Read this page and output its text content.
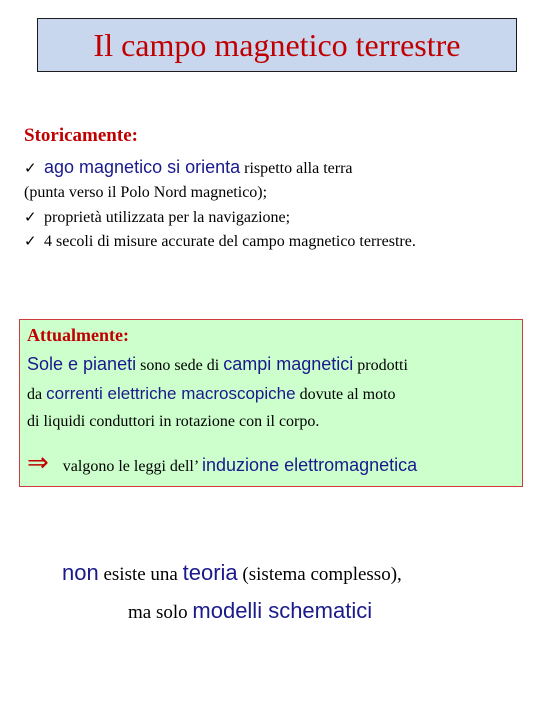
Il campo magnetico terrestre
Storicamente:
✓ ago magnetico si orienta rispetto alla terra
(punta verso il Polo Nord magnetico);
✓ proprietà utilizzata per la navigazione;
✓ 4 secoli di misure accurate del campo magnetico terrestre.
Attualmente:
Sole e pianeti sono sede di campi magnetici prodotti
da correnti elettriche macroscopiche dovute al moto
di liquidi conduttori in rotazione con il corpo.
⇒ valgono le leggi dell’ induzione elettromagnetica
non esiste una teoria (sistema complesso),
ma solo modelli schematici
